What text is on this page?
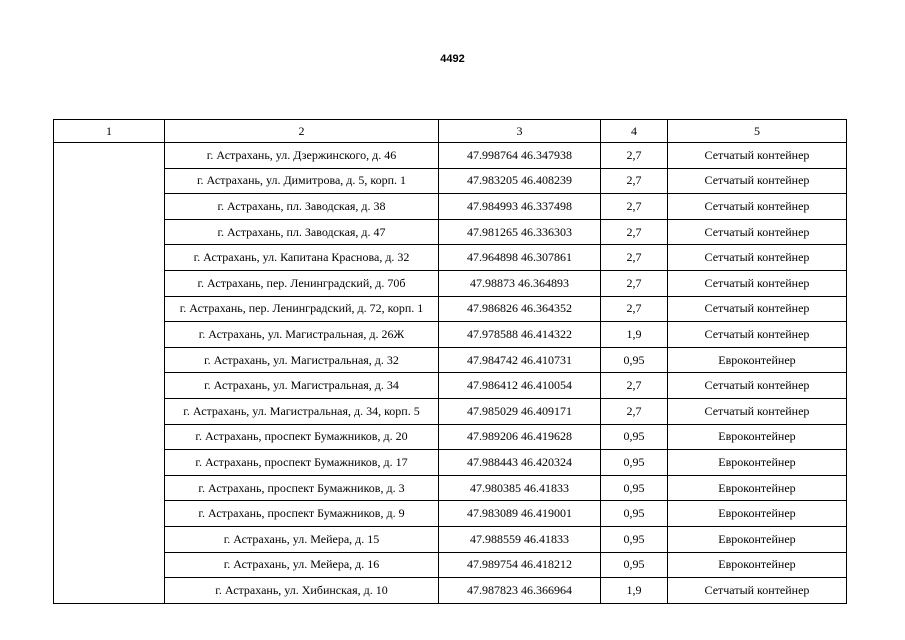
4492
1	2	3	4	5
	г. Астрахань, ул. Дзержинского, д. 46	47.998764 46.347938	2,7	Сетчатый контейнер
	г. Астрахань, ул. Димитрова, д. 5, корп. 1	47.983205 46.408239	2,7	Сетчатый контейнер
	г. Астрахань, пл. Заводская, д. 38	47.984993 46.337498	2,7	Сетчатый контейнер
	г. Астрахань, пл. Заводская, д. 47	47.981265 46.336303	2,7	Сетчатый контейнер
	г. Астрахань, ул. Капитана Краснова, д. 32	47.964898 46.307861	2,7	Сетчатый контейнер
	г. Астрахань, пер. Ленинградский, д. 70б	47.98873 46.364893	2,7	Сетчатый контейнер
	г. Астрахань, пер. Ленинградский, д. 72, корп. 1	47.986826 46.364352	2,7	Сетчатый контейнер
	г. Астрахань, ул. Магистральная, д. 26Ж	47.978588 46.414322	1,9	Сетчатый контейнер
	г. Астрахань, ул. Магистральная, д. 32	47.984742 46.410731	0,95	Евроконтейнер
	г. Астрахань, ул. Магистральная, д. 34	47.986412 46.410054	2,7	Сетчатый контейнер
	г. Астрахань, ул. Магистральная, д. 34, корп. 5	47.985029 46.409171	2,7	Сетчатый контейнер
	г. Астрахань, проспект Бумажников, д. 20	47.989206 46.419628	0,95	Евроконтейнер
	г. Астрахань, проспект Бумажников, д. 17	47.988443 46.420324	0,95	Евроконтейнер
	г. Астрахань, проспект Бумажников, д. 3	47.980385 46.41833	0,95	Евроконтейнер
	г. Астрахань, проспект Бумажников, д. 9	47.983089 46.419001	0,95	Евроконтейнер
	г. Астрахань, ул. Мейера, д. 15	47.988559 46.41833	0,95	Евроконтейнер
	г. Астрахань, ул. Мейера, д. 16	47.989754 46.418212	0,95	Евроконтейнер
	г. Астрахань, ул. Хибинская, д. 10	47.987823 46.366964	1,9	Сетчатый контейнер
